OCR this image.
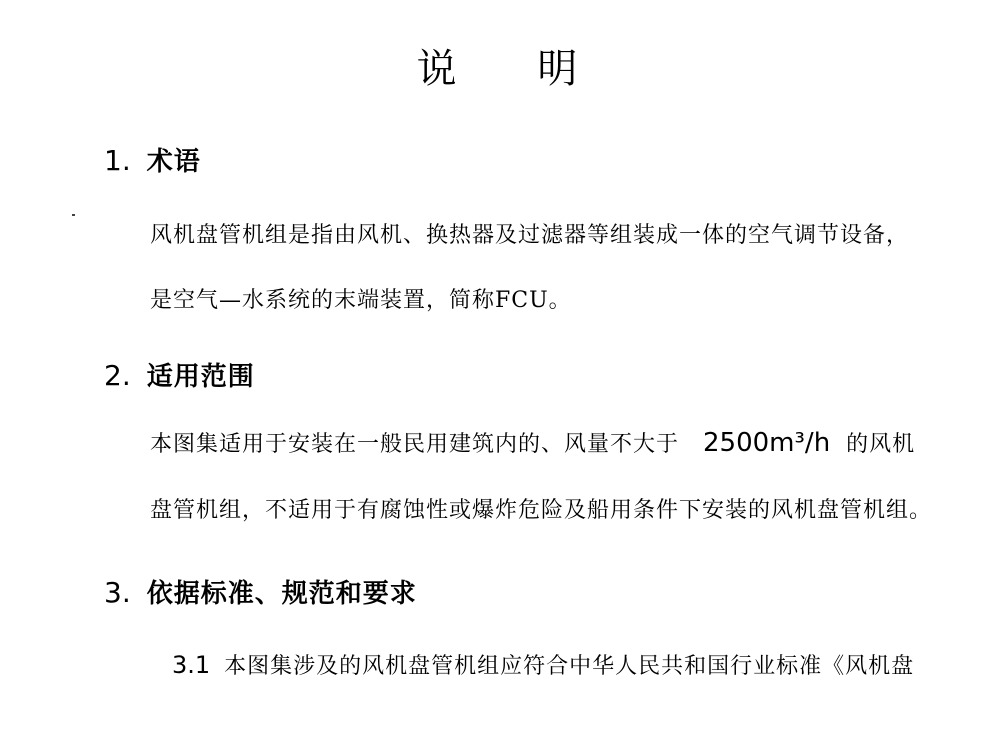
说 明
1. 术语
风机盘管机组是指由风机、换热器及过滤器等组装成一体的空气调节设备，
是空气—水系统的末端装置，简称FCU。
2. 适用范围
本图集适用于安装在一般民用建筑内的、风量不大于 2500m³/h 的风机
盘管机组，不适用于有腐蚀性或爆炸危险及船用条件下安装的风机盘管机组。
3. 依据标准、规范和要求
3.1 本图集涉及的风机盘管机组应符合中华人民共和国行业标准《风机盘
